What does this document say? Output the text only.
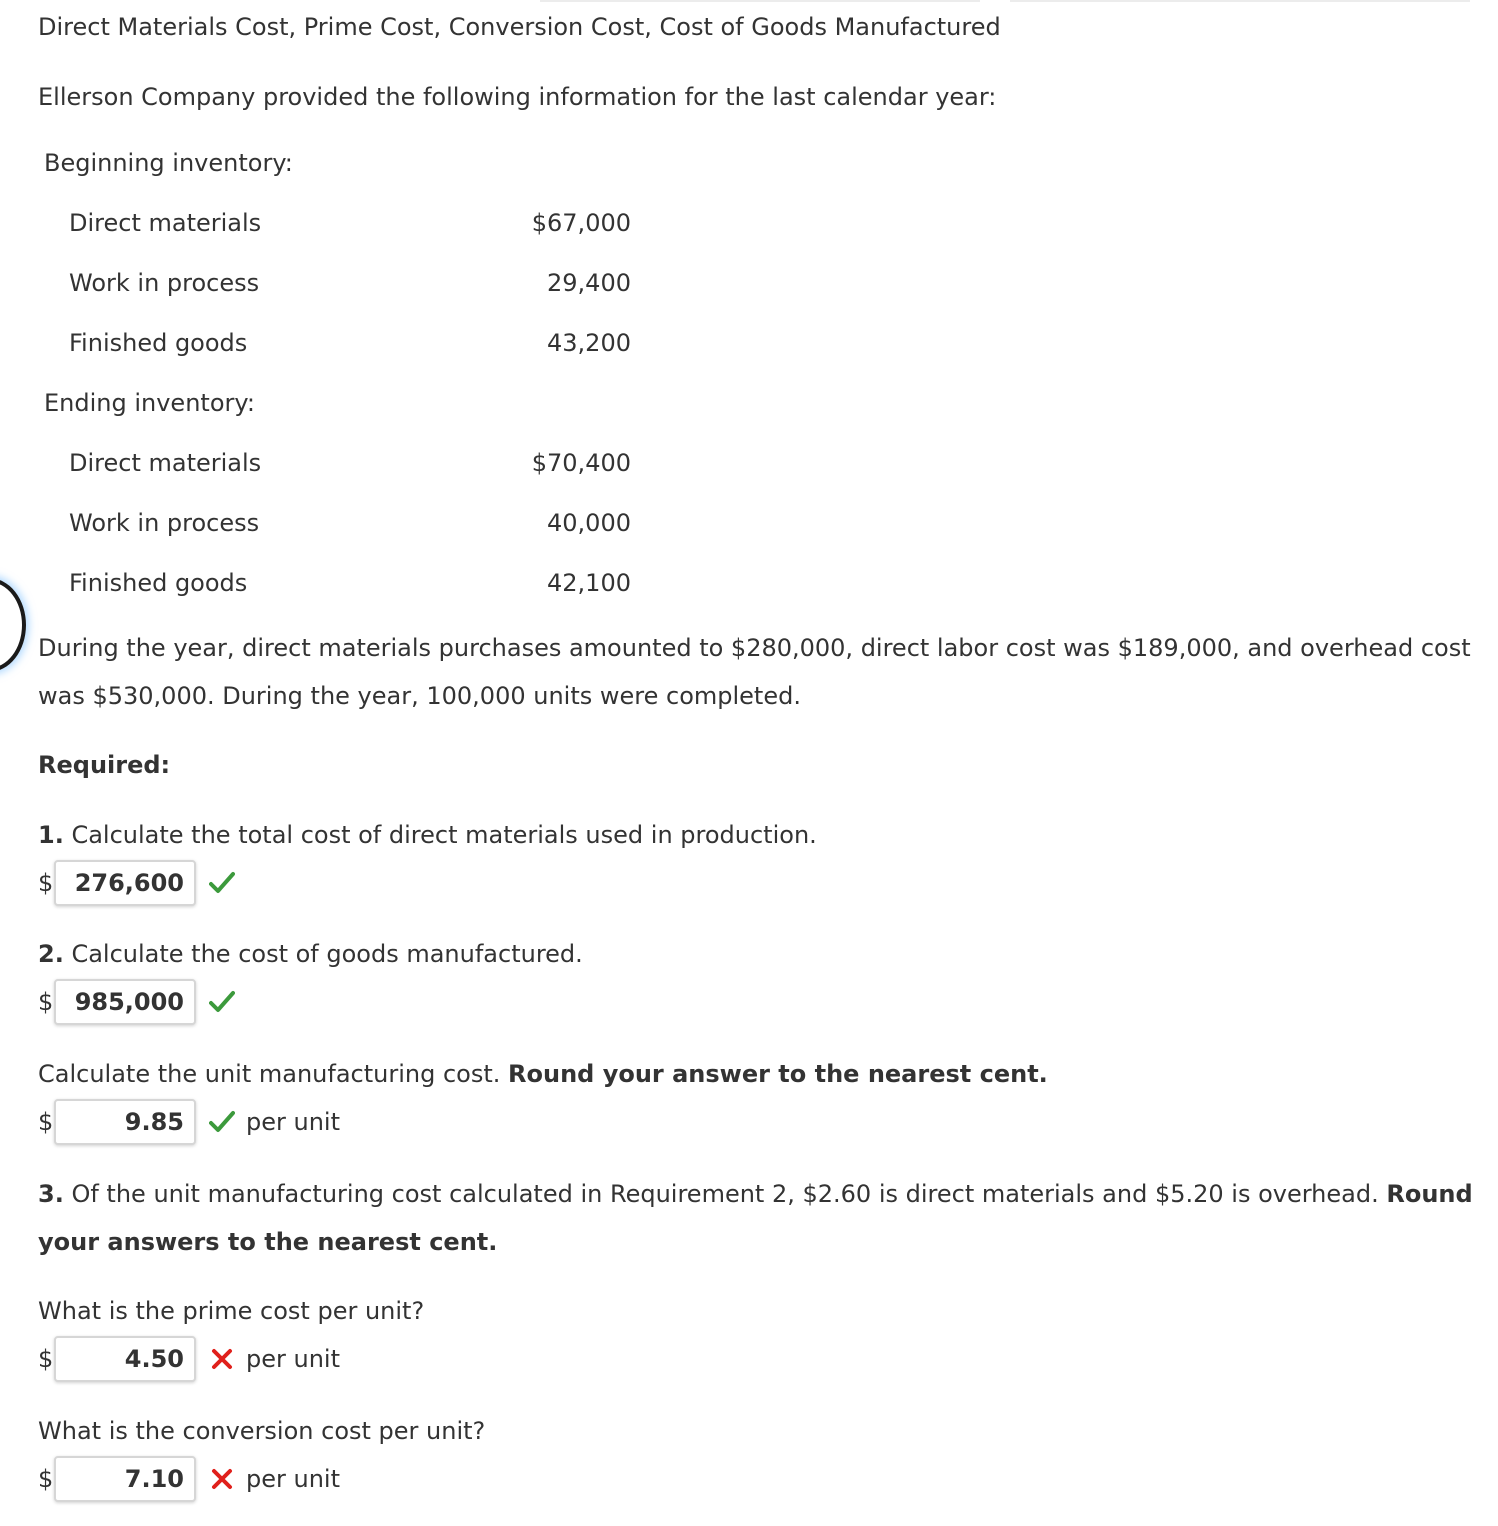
Direct Materials Cost, Prime Cost, Conversion Cost, Cost of Goods Manufactured
Ellerson Company provided the following information for the last calendar year:
Beginning inventory:
Direct materials	$67,000
Work in process	29,400
Finished goods	43,200
Ending inventory:
Direct materials	$70,400
Work in process	40,000
Finished goods	42,100
During the year, direct materials purchases amounted to $280,000, direct labor cost was $189,000, and overhead cost was $530,000. During the year, 100,000 units were completed.
Required:
1. Calculate the total cost of direct materials used in production.
$ 276,600
2. Calculate the cost of goods manufactured.
$ 985,000
Calculate the unit manufacturing cost. Round your answer to the nearest cent.
$	9.85	per unit
3. Of the unit manufacturing cost calculated in Requirement 2, $2.60 is direct materials and $5.20 is overhead. Round your answers to the nearest cent.
What is the prime cost per unit?
$	4.50	per unit
What is the conversion cost per unit?
$	7.10	per unit
